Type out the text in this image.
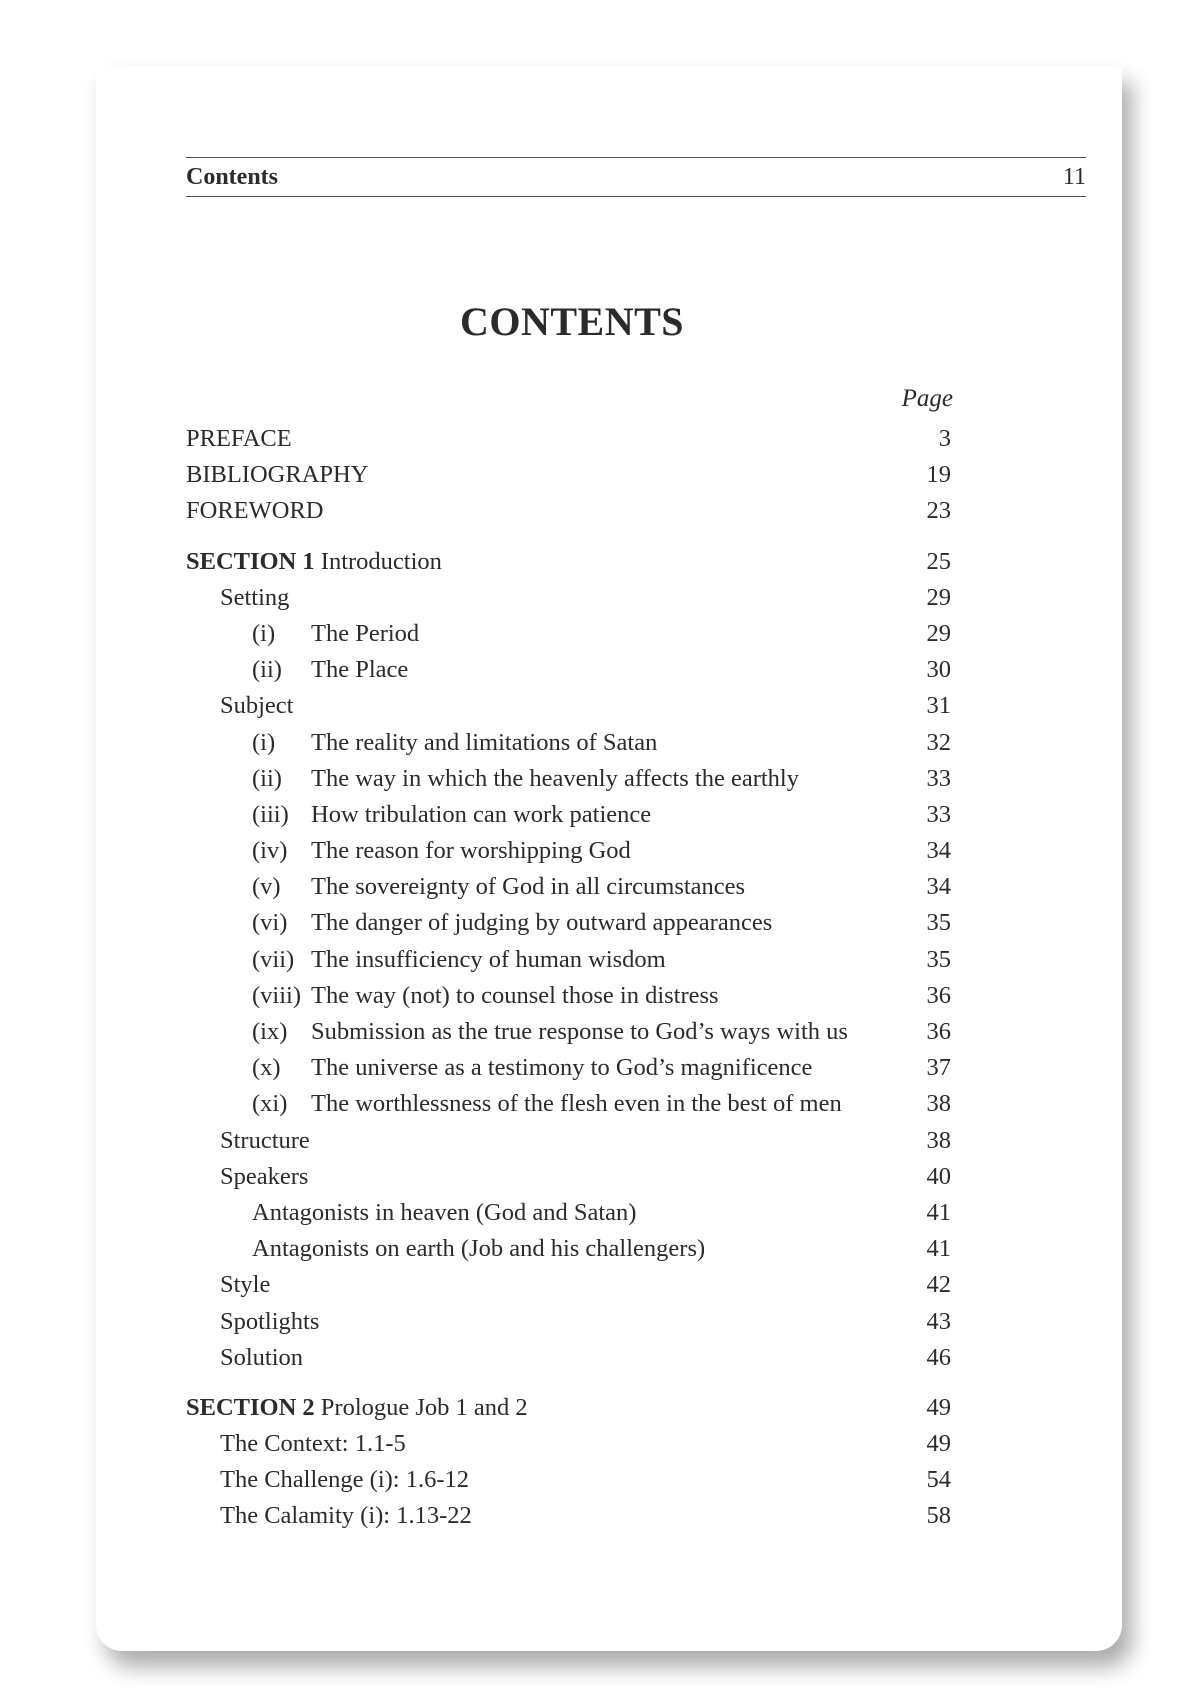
Contents	11
CONTENTS
Page
PREFACE	3
BIBLIOGRAPHY	19
FOREWORD	23
SECTION 1 Introduction	25
Setting	29
(i) The Period	29
(ii) The Place	30
Subject	31
(i) The reality and limitations of Satan	32
(ii) The way in which the heavenly affects the earthly	33
(iii) How tribulation can work patience	33
(iv) The reason for worshipping God	34
(v) The sovereignty of God in all circumstances	34
(vi) The danger of judging by outward appearances	35
(vii) The insufficiency of human wisdom	35
(viii) The way (not) to counsel those in distress	36
(ix) Submission as the true response to God’s ways with us	36
(x) The universe as a testimony to God’s magnificence	37
(xi) The worthlessness of the flesh even in the best of men	38
Structure	38
Speakers	40
Antagonists in heaven (God and Satan)	41
Antagonists on earth (Job and his challengers)	41
Style	42
Spotlights	43
Solution	46
SECTION 2 Prologue Job 1 and 2	49
The Context: 1.1-5	49
The Challenge (i): 1.6-12	54
The Calamity (i): 1.13-22	58
